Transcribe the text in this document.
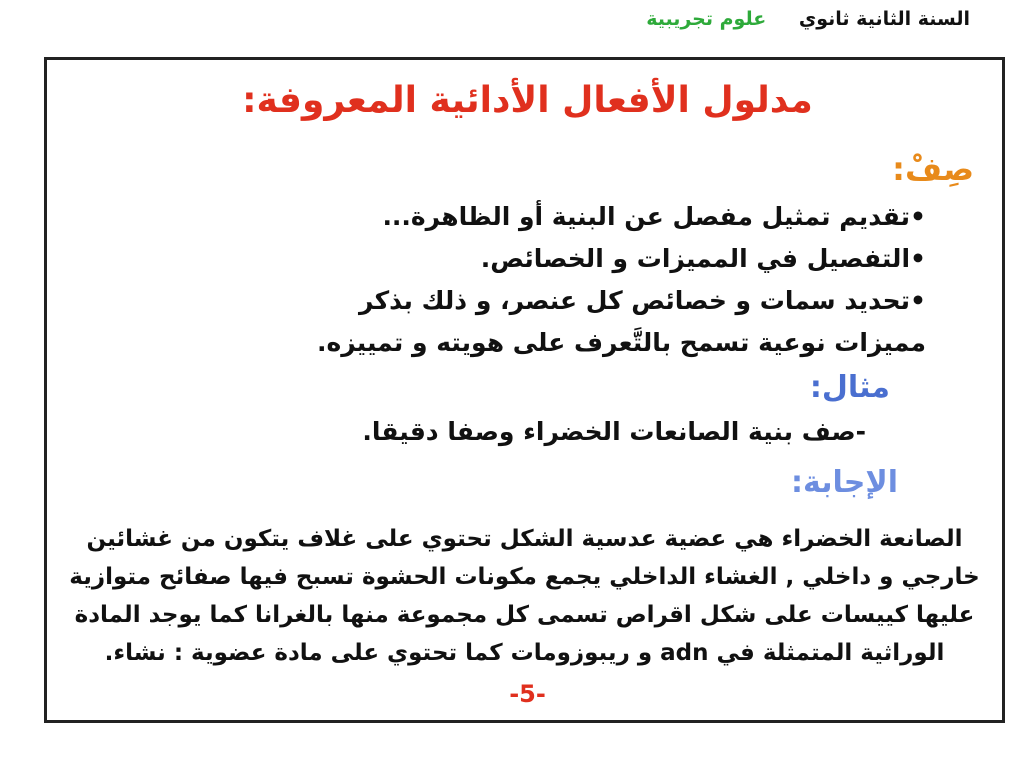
السنة الثانية ثانوي علوم تجريبية
مدلول الأفعال الأدائية المعروفة:
صِفْ:
•تقديم تمثيل مفصل عن البنية أو الظاهرة...
•التفصيل في المميزات و الخصائص.
•تحديد سمات و خصائص كل عنصر، و ذلك بذكر
مميزات نوعية تسمح بالتَّعرف على هويته و تمييزه.
مثال:
-صف بنية الصانعات الخضراء وصفا دقيقا.
الإجابة:
الصانعة الخضراء هي عضية عدسية الشكل تحتوي على غلاف يتكون من غشائين
خارجي و داخلي , الغشاء الداخلي يجمع مكونات الحشوة تسبح فيها صفائح متوازية
عليها كييسات على شكل اقراص تسمى كل مجموعة منها بالغرانا كما يوجد المادة
الوراثية المتمثلة في adn و ريبوزومات كما تحتوي على مادة عضوية : نشاء.
-5-
